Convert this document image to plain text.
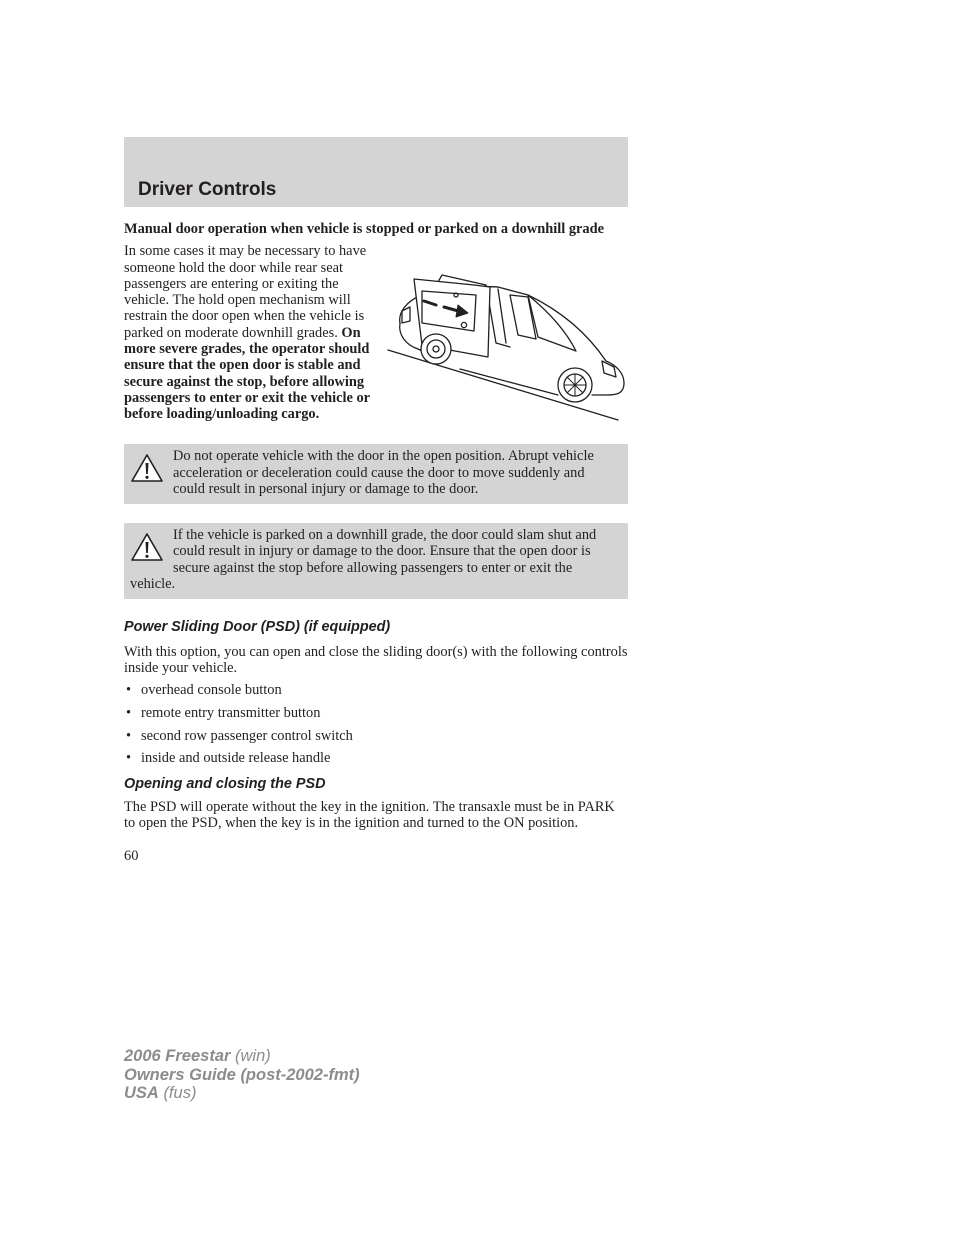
Driver Controls

Manual door operation when vehicle is stopped or parked on a downhill grade

In some cases it may be necessary to have someone hold the door while rear seat passengers are entering or exiting the vehicle. The hold open mechanism will restrain the door open when the vehicle is parked on moderate downhill grades. On more severe grades, the operator should ensure that the open door is stable and secure against the stop, before allowing passengers to enter or exit the vehicle or before loading/unloading cargo.

Do not operate vehicle with the door in the open position. Abrupt vehicle acceleration or deceleration could cause the door to move suddenly and could result in personal injury or damage to the door.
If the vehicle is parked on a downhill grade, the door could slam shut and could result in injury or damage to the door. Ensure that the open door is secure against the stop before allowing passengers to enter or exit the vehicle.
Power Sliding Door (PSD) (if equipped)

With this option, you can open and close the sliding door(s) with the following controls inside your vehicle.

• overhead console button
• remote entry transmitter button
• second row passenger control switch
• inside and outside release handle
Opening and closing the PSD

The PSD will operate without the key in the ignition. The transaxle must be in PARK to open the PSD, when the key is in the ignition and turned to the ON position.

60

2006 Freestar (win)
Owners Guide (post-2002-fmt)
USA (fus)
